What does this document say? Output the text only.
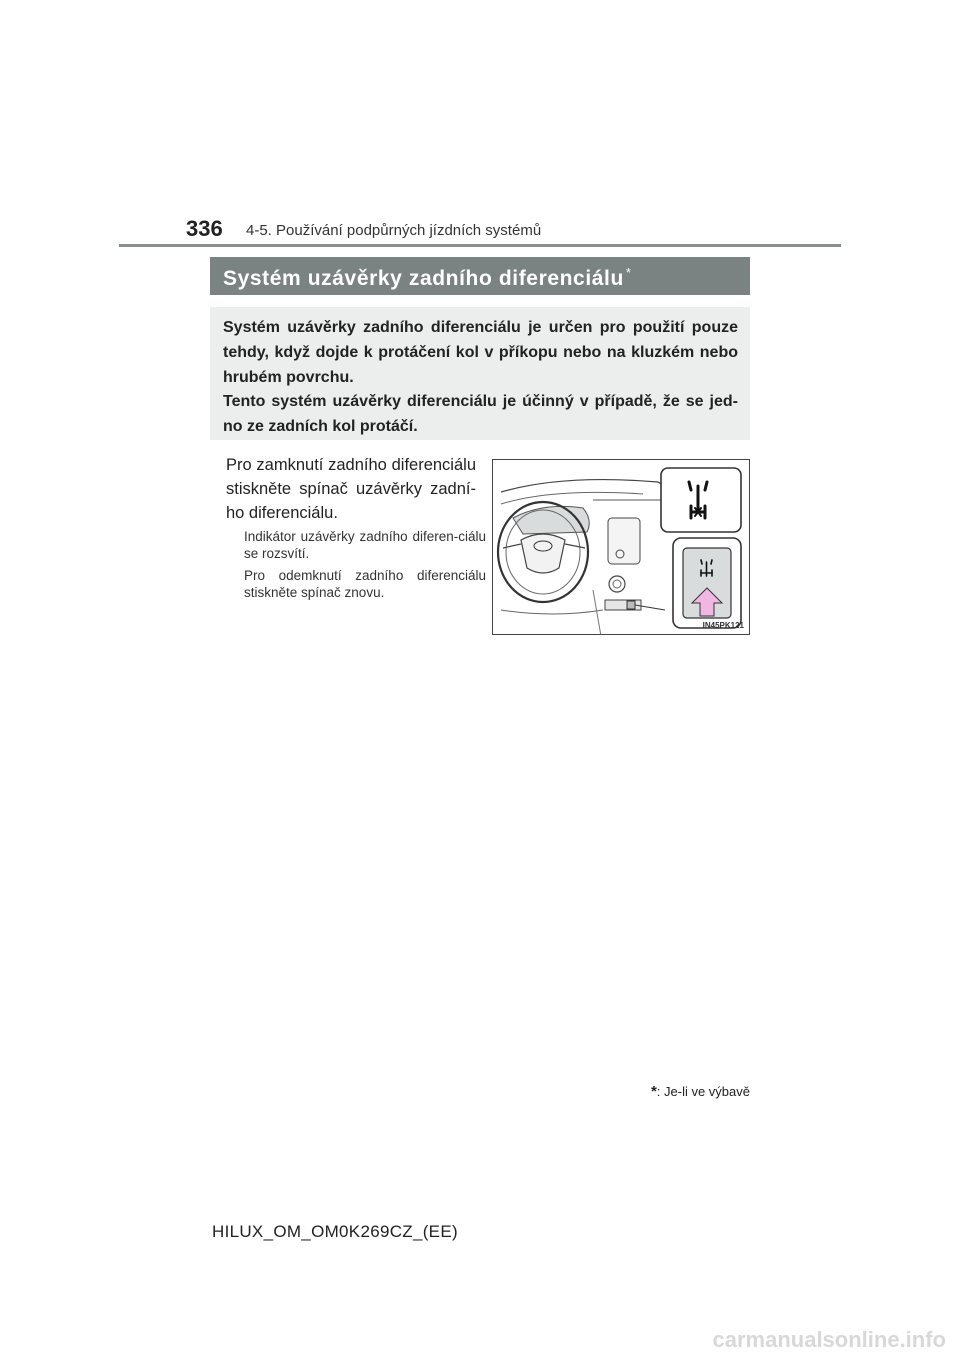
336 4-5. Používání podpůrných jízdních systémů
Systém uzávěrky zadního diferenciálu *

Systém uzávěrky zadního diferenciálu je určen pro použití pouze tehdy, když dojde k protáčení kol v příkopu nebo na kluzkém nebo hrubém povrchu.

Tento systém uzávěrky diferenciálu je účinný v případě, že se jed-no ze zadních kol protáčí.

Pro zamknutí zadního diferenciálu stiskněte spínač uzávěrky zadní-ho diferenciálu.

Indikátor uzávěrky zadního diferen-ciálu se rozsvítí.

Pro odemknutí zadního diferenciálu stiskněte spínač znovu.

IN45PK121
*: Je-li ve výbavě
HILUX_OM_OM0K269CZ_(EE)
carmanualsonline.info
